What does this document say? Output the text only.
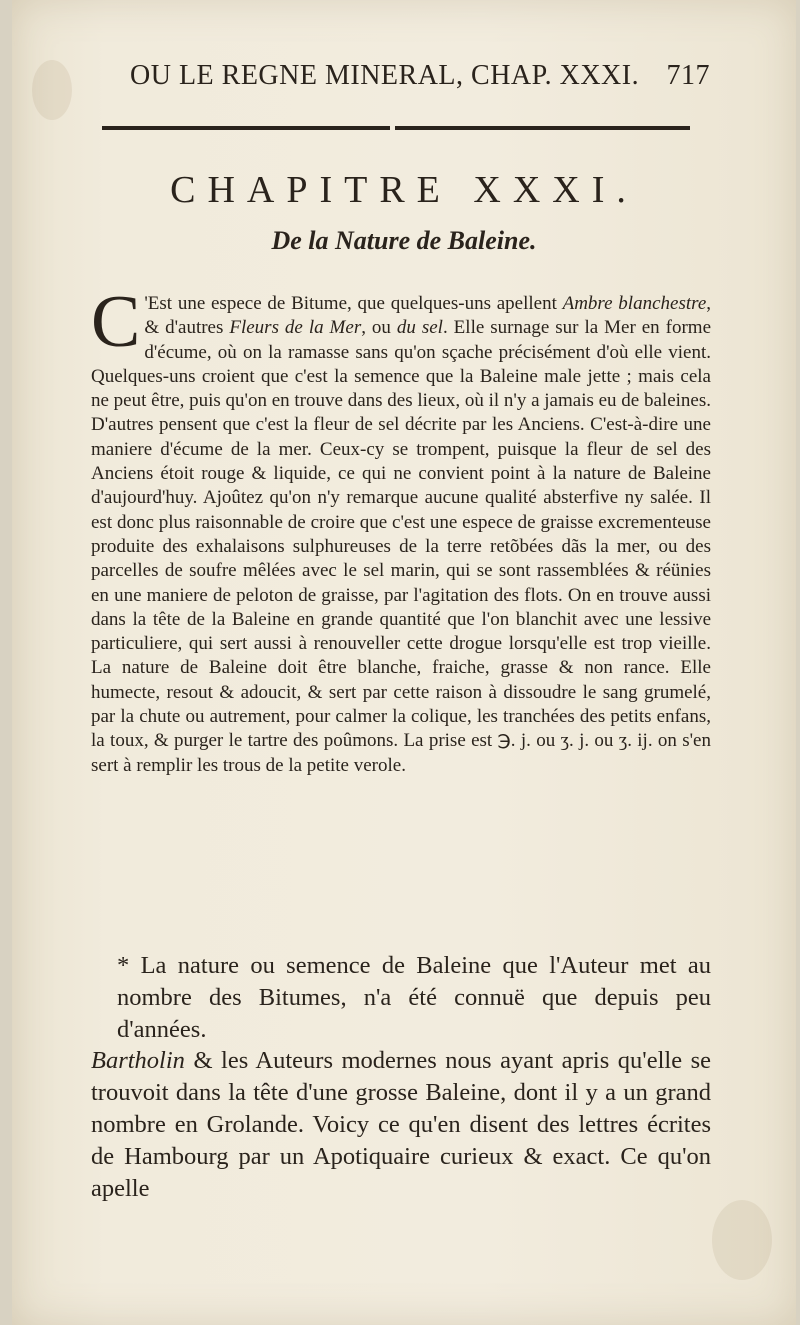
OU LE REGNE MINERAL, CHAP. XXXI. 717
CHAPITRE XXXI.
De la Nature de Baleine.

C 'Est une espece de Bitume, que quelques-uns apellent Ambre blanchestre, & d'autres Fleurs de la Mer, ou du sel. Elle surnage sur la Mer en forme d'écume, où on la ramasse sans qu'on sçache précisément d'où elle vient. Quelques-uns croient que c'est la semence que la Baleine male jette ; mais cela ne peut être, puis qu'on en trouve dans des lieux, où il n'y a jamais eu de baleines. D'autres pensent que c'est la fleur de sel décrite par les Anciens. C'est-à-dire une maniere d'écume de la mer. Ceux-cy se trompent, puisque la fleur de sel des Anciens étoit rouge & liquide, ce qui ne convient point à la nature de Baleine d'aujourd'huy. Ajoûtez qu'on n'y remarque aucune qualité absterfive ny salée. Il est donc plus raisonnable de croire que c'est une espece de graisse excrementeuse produite des exhalaisons sulphureuses de la terre retõbées dãs la mer, ou des parcelles de soufre mêlées avec le sel marin, qui se sont rassemblées & réünies en une maniere de peloton de graisse, par l'agitation des flots. On en trouve aussi dans la tête de la Baleine en grande quantité que l'on blanchit avec une lessive particuliere, qui sert aussi à renouveller cette drogue lorsqu'elle est trop vieille. La nature de Baleine doit être blanche, fraiche, grasse & non rance. Elle humecte, resout & adoucit, & sert par cette raison à dissoudre le sang grumelé, par la chute ou autrement, pour calmer la colique, les tranchées des petits enfans, la toux, & purger le tartre des poûmons. La prise est ℈. j. ou ʒ. j. ou ʒ. ij. on s'en sert à remplir les trous de la petite verole.

* La nature ou semence de Baleine que l'Auteur met au nombre des Bitumes, n'a été connuë que depuis peu d'années.Bartholin & les Auteurs modernes nous ayant apris qu'elle se trouvoit dans la tête d'une grosse Baleine, dont il y a un grand nombre en Grolande. Voicy ce qu'en disent des lettres écrites de Hambourg par un Apotiquaire curieux & exact. Ce qu'on apelle
